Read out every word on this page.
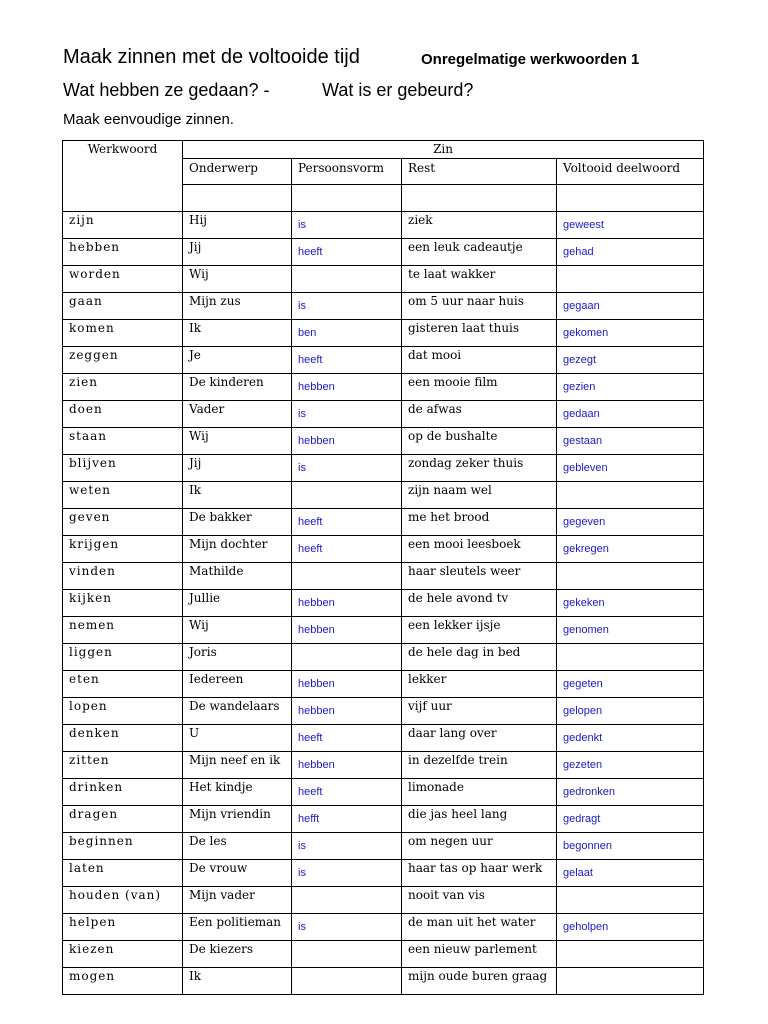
Maak zinnen met de voltooide tijd	Onregelmatige werkwoorden 1
Wat hebben ze gedaan? -	Wat is er gebeurd?
Maak eenvoudige zinnen.
Werkwoord	Zin			
	Onderwerp	Persoonsvorm	Rest	Voltooid deelwoord

zijn	Hij	is	ziek	geweest
hebben	Jij	heeft	een leuk cadeautje	gehad
worden	Wij		te laat wakker	
gaan	Mijn zus	is	om 5 uur naar huis	gegaan
komen	Ik	ben	gisteren laat thuis	gekomen
zeggen	Je	heeft	dat mooi	gezegt
zien	De kinderen	hebben	een mooie film	gezien
doen	Vader	is	de afwas	gedaan
staan	Wij	hebben	op de bushalte	gestaan
blijven	Jij	is	zondag zeker thuis	gebleven
weten	Ik		zijn naam wel	
geven	De bakker	heeft	me het brood	gegeven
krijgen	Mijn dochter	heeft	een mooi leesboek	gekregen
vinden	Mathilde		haar sleutels weer	
kijken	Jullie	hebben	de hele avond tv	gekeken
nemen	Wij	hebben	een lekker ijsje	genomen
liggen	Joris		de hele dag in bed	
eten	Iedereen	hebben	lekker	gegeten
lopen	De wandelaars	hebben	vijf uur	gelopen
denken	U	heeft	daar lang over	gedenkt
zitten	Mijn neef en ik	hebben	in dezelfde trein	gezeten
drinken	Het kindje	heeft	limonade	gedronken
dragen	Mijn vriendin	hefft	die jas heel lang	gedragt
beginnen	De les	is	om negen uur	begonnen
laten	De vrouw	is	haar tas op haar werk	gelaat
houden (van)	Mijn vader		nooit van vis	
helpen	Een politieman	is	de man uit het water	geholpen
kiezen	De kiezers		een nieuw parlement	
mogen	Ik		mijn oude buren graag	
